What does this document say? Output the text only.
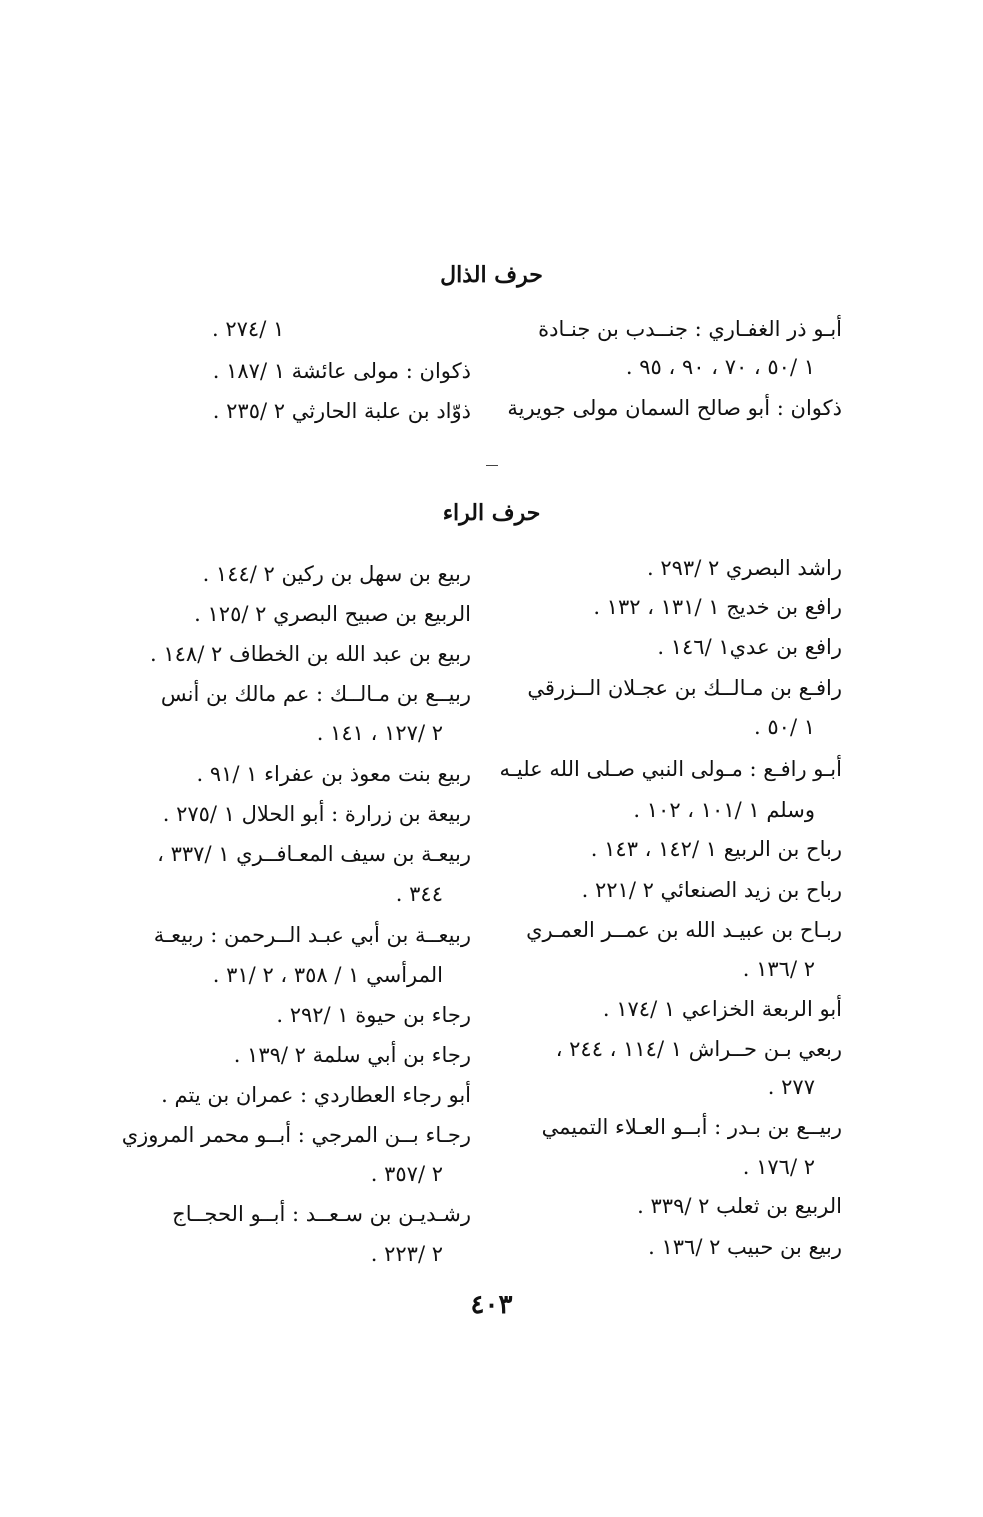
حرف الذال
أبـو ذر الغفـاري : جنــدب بن جنـادة
١ /٥٠ ، ٧٠ ، ٩٠ ، ٩٥ .
ذكوان : أبو صالح السمان مولى جويرية
١ /٢٧٤ .
ذكوان : مولى عائشة ١ /١٨٧ .
ذوّاد بن علبة الحارثي ٢ /٢٣٥ .
حرف الراء
راشد البصري ٢ /٢٩٣ .
رافع بن خديج ١ /١٣١ ، ١٣٢ .
رافع بن عدي١ /١٤٦ .
رافـع بن مـالــك بن عجـلان الــزرقي
١ /٥٠ .
أبـو رافـع : مـولى النبي صـلى الله عليـه
وسلم ١ /١٠١ ، ١٠٢ .
رباح بن الربيع ١ /١٤٢ ، ١٤٣ .
رباح بن زيد الصنعائي ٢ /٢٢١ .
ربـاح بن عبيـد الله بن عمــر العمـري
٢ /١٣٦ .
أبو الربعة الخزاعي ١ /١٧٤ .
ربعي بـن حــراش ١ /١١٤ ، ٢٤٤ ،
٢٧٧ .
ربيــع بن بـدر : أبــو العـلاء التميمي
٢ /١٧٦ .
الربيع بن ثعلب ٢ /٣٣٩ .
ربيع بن حبيب ٢ /١٣٦ .
ربيع بن سهل بن ركين ٢ /١٤٤ .
الربيع بن صبيح البصري ٢ /١٢٥ .
ربيع بن عبد الله بن الخطاف ٢ /١٤٨ .
ربيــع بن مـالــك : عم مالك بن أنس
٢ /١٢٧ ، ١٤١ .
ربيع بنت معوذ بن عفراء ١ /٩١ .
ربيعة بن زرارة : أبو الحلال ١ /٢٧٥ .
ربيعـة بن سيف المعـافــري ١ /٣٣٧ ،
٣٤٤ .
ربيعــة بن أبي عبـد الــرحمن : ربيعـة
المرأسي ١ / ٣٥٨ ، ٢ /٣١ .
رجاء بن حيوة ١ /٢٩٢ .
رجاء بن أبي سلمة ٢ /١٣٩ .
أبو رجاء العطاردي : عمران بن يتم .
رجـاء بــن المرجي : أبــو محمر المروزي
٢ /٣٥٧ .
رشـديـن بن سـعــد : أبــو الحجــاج
٢ /٢٢٣ .
٤٠٣
